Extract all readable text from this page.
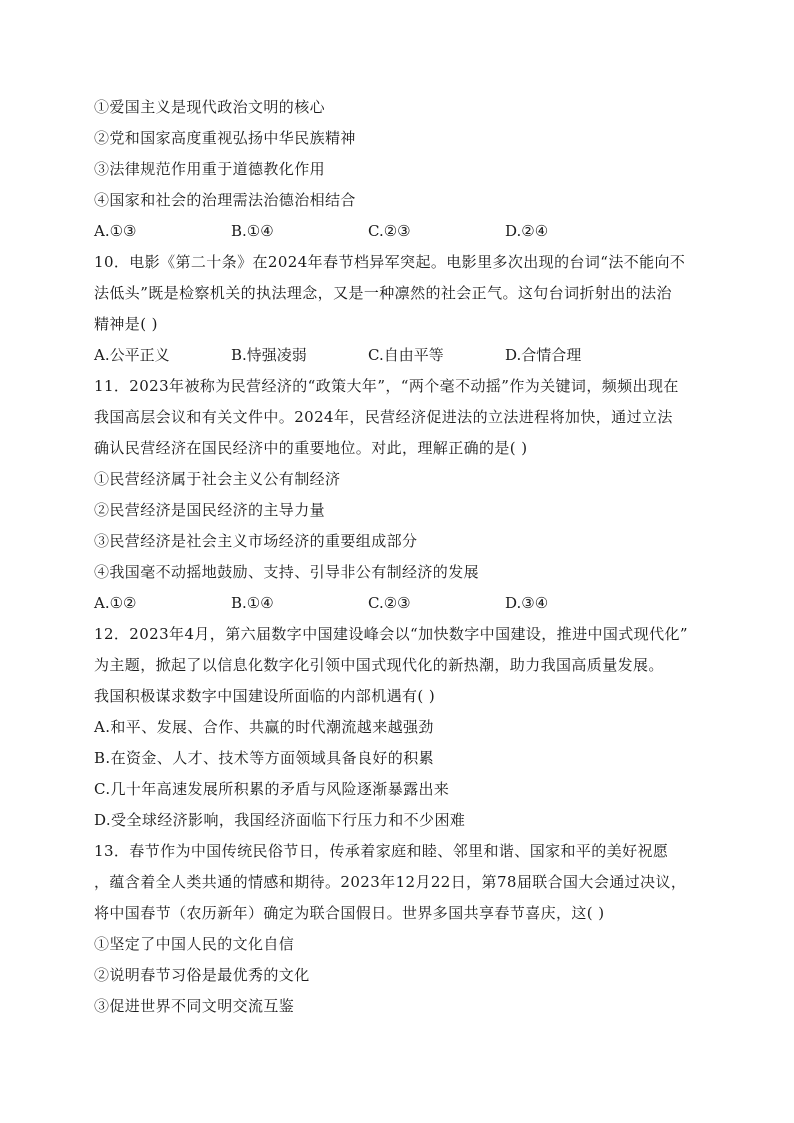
①爱国主义是现代政治文明的核心
②党和国家高度重视弘扬中华民族精神
③法律规范作用重于道德教化作用
④国家和社会的治理需法治德治相结合
A.①③	B.①④	C.②③	D.②④
10．电影《第二十条》在2024年春节档异军突起。电影里多次出现的台词“法不能向不
法低头”既是检察机关的执法理念，又是一种凛然的社会正气。这句台词折射出的法治
精神是( )
A.公平正义	B.恃强凌弱	C.自由平等	D.合情合理
11．2023年被称为民营经济的“政策大年”，“两个毫不动摇”作为关键词，频频出现在
我国高层会议和有关文件中。2024年，民营经济促进法的立法进程将加快，通过立法
确认民营经济在国民经济中的重要地位。对此，理解正确的是( )
①民营经济属于社会主义公有制经济
②民营经济是国民经济的主导力量
③民营经济是社会主义市场经济的重要组成部分
④我国毫不动摇地鼓励、支持、引导非公有制经济的发展
A.①②	B.①④	C.②③	D.③④
12．2023年4月，第六届数字中国建设峰会以“加快数字中国建设，推进中国式现代化”
为主题，掀起了以信息化数字化引领中国式现代化的新热潮，助力我国高质量发展。
我国积极谋求数字中国建设所面临的内部机遇有( )
A.和平、发展、合作、共赢的时代潮流越来越强劲
B.在资金、人才、技术等方面领域具备良好的积累
C.几十年高速发展所积累的矛盾与风险逐渐暴露出来
D.受全球经济影响，我国经济面临下行压力和不少困难
13．春节作为中国传统民俗节日，传承着家庭和睦、邻里和谐、国家和平的美好祝愿
，蕴含着全人类共通的情感和期待。2023年12月22日，第78届联合国大会通过决议，
将中国春节（农历新年）确定为联合国假日。世界多国共享春节喜庆，这( )
①坚定了中国人民的文化自信
②说明春节习俗是最优秀的文化
③促进世界不同文明交流互鉴
